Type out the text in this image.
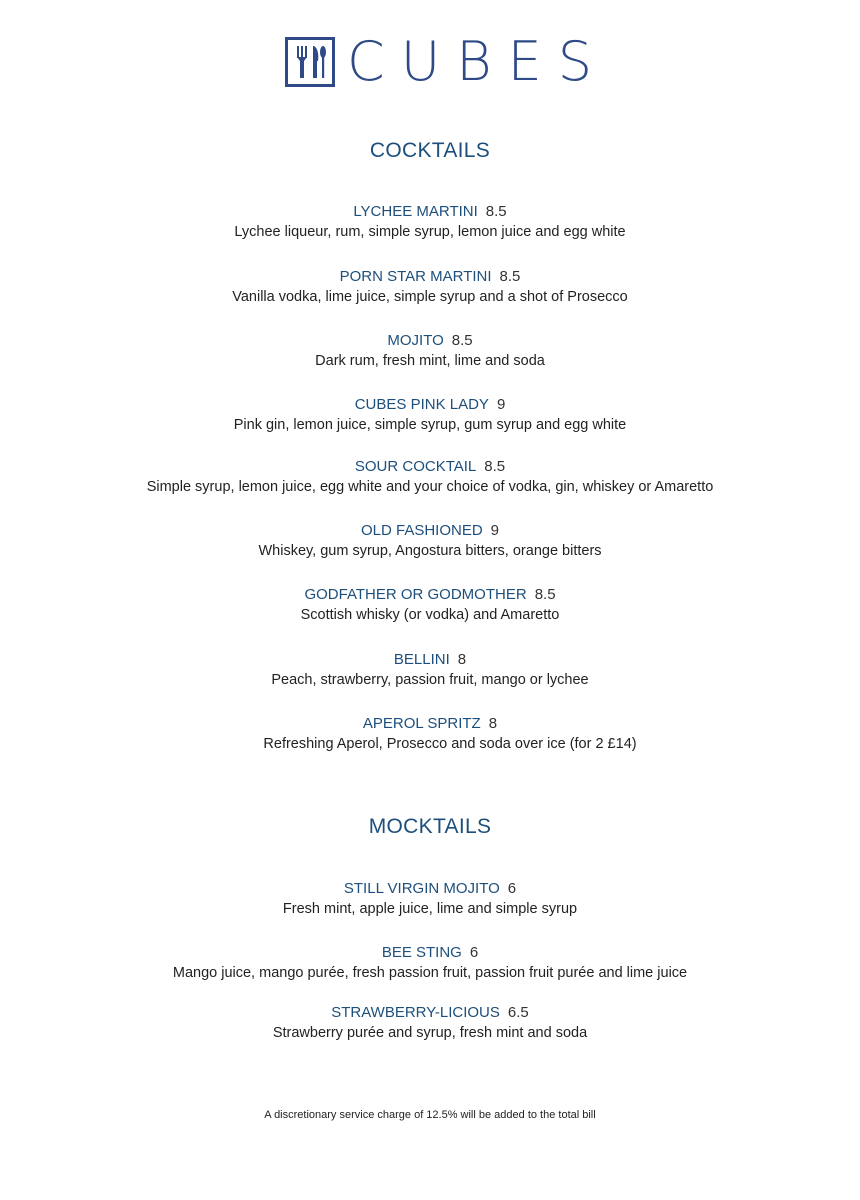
CUBES
COCKTAILS
LYCHEE MARTINI 8.5
Lychee liqueur, rum, simple syrup, lemon juice and egg white
PORN STAR MARTINI 8.5
Vanilla vodka, lime juice, simple syrup and a shot of Prosecco
MOJITO 8.5
Dark rum, fresh mint, lime and soda
CUBES PINK LADY 9
Pink gin, lemon juice, simple syrup, gum syrup and egg white
SOUR COCKTAIL 8.5
Simple syrup, lemon juice, egg white and your choice of vodka, gin, whiskey or Amaretto
OLD FASHIONED 9
Whiskey, gum syrup, Angostura bitters, orange bitters
GODFATHER OR GODMOTHER 8.5
Scottish whisky (or vodka) and Amaretto
BELLINI 8
Peach, strawberry, passion fruit, mango or lychee
APEROL SPRITZ 8
Refreshing Aperol, Prosecco and soda over ice (for 2 £14)
MOCKTAILS
STILL VIRGIN MOJITO 6
Fresh mint, apple juice, lime and simple syrup
BEE STING 6
Mango juice, mango purée, fresh passion fruit, passion fruit purée and lime juice
STRAWBERRY-LICIOUS 6.5
Strawberry purée and syrup, fresh mint and soda
A discretionary service charge of 12.5% will be added to the total bill
